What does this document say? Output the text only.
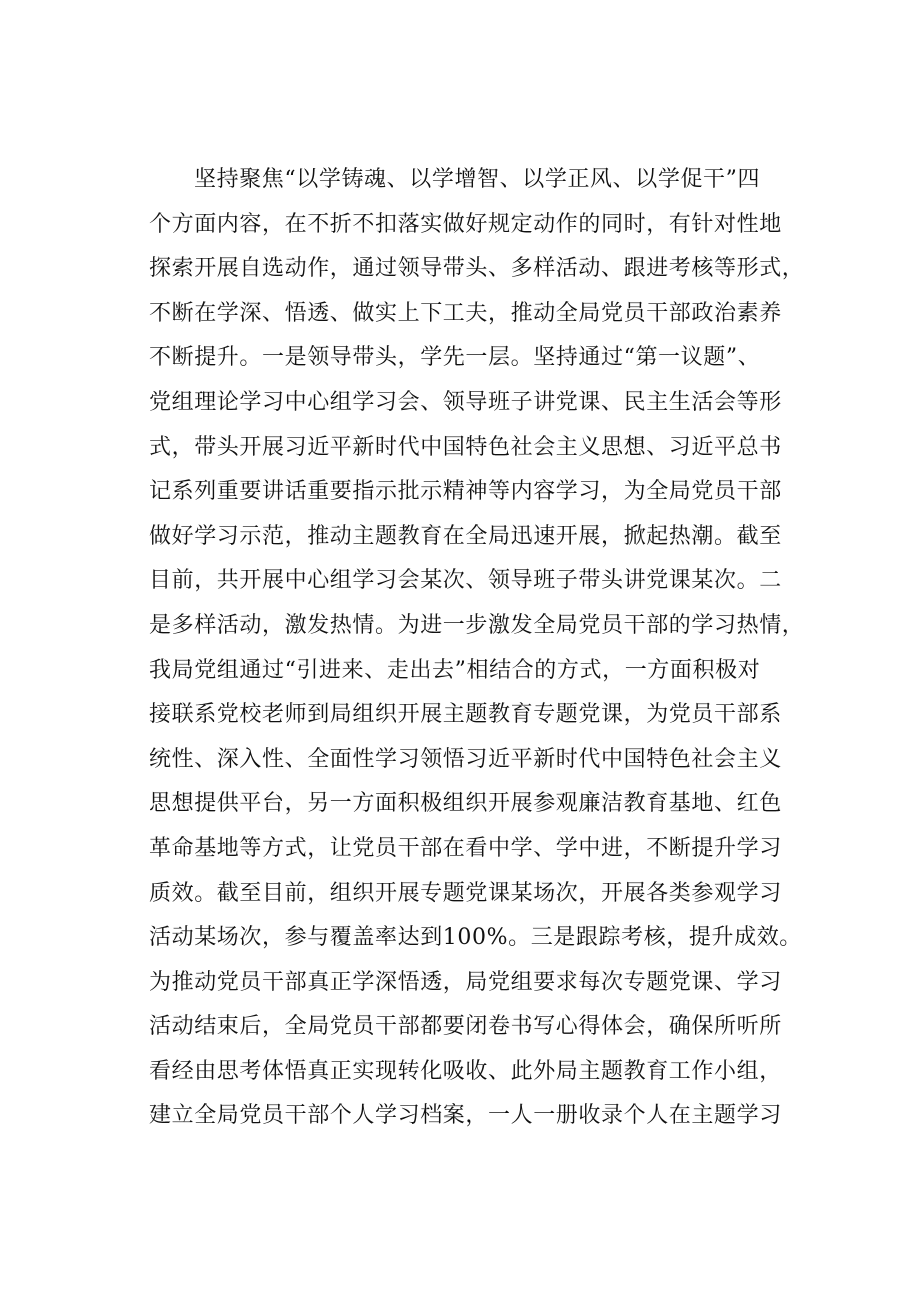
坚持聚焦“以学铸魂、以学增智、以学正风、以学促干”四
个方面内容，在不折不扣落实做好规定动作的同时，有针对性地
探索开展自选动作，通过领导带头、多样活动、跟进考核等形式，
不断在学深、悟透、做实上下工夫，推动全局党员干部政治素养
不断提升。一是领导带头，学先一层。坚持通过“第一议题”、
党组理论学习中心组学习会、领导班子讲党课、民主生活会等形
式，带头开展习近平新时代中国特色社会主义思想、习近平总书
记系列重要讲话重要指示批示精神等内容学习，为全局党员干部
做好学习示范，推动主题教育在全局迅速开展，掀起热潮。截至
目前，共开展中心组学习会某次、领导班子带头讲党课某次。二
是多样活动，激发热情。为进一步激发全局党员干部的学习热情，
我局党组通过“引进来、走出去”相结合的方式，一方面积极对
接联系党校老师到局组织开展主题教育专题党课，为党员干部系
统性、深入性、全面性学习领悟习近平新时代中国特色社会主义
思想提供平台，另一方面积极组织开展参观廉洁教育基地、红色
革命基地等方式，让党员干部在看中学、学中进，不断提升学习
质效。截至目前，组织开展专题党课某场次，开展各类参观学习
活动某场次，参与覆盖率达到100%。三是跟踪考核，提升成效。
为推动党员干部真正学深悟透，局党组要求每次专题党课、学习
活动结束后，全局党员干部都要闭卷书写心得体会，确保所听所
看经由思考体悟真正实现转化吸收、此外局主题教育工作小组，
建立全局党员干部个人学习档案，一人一册收录个人在主题学习
